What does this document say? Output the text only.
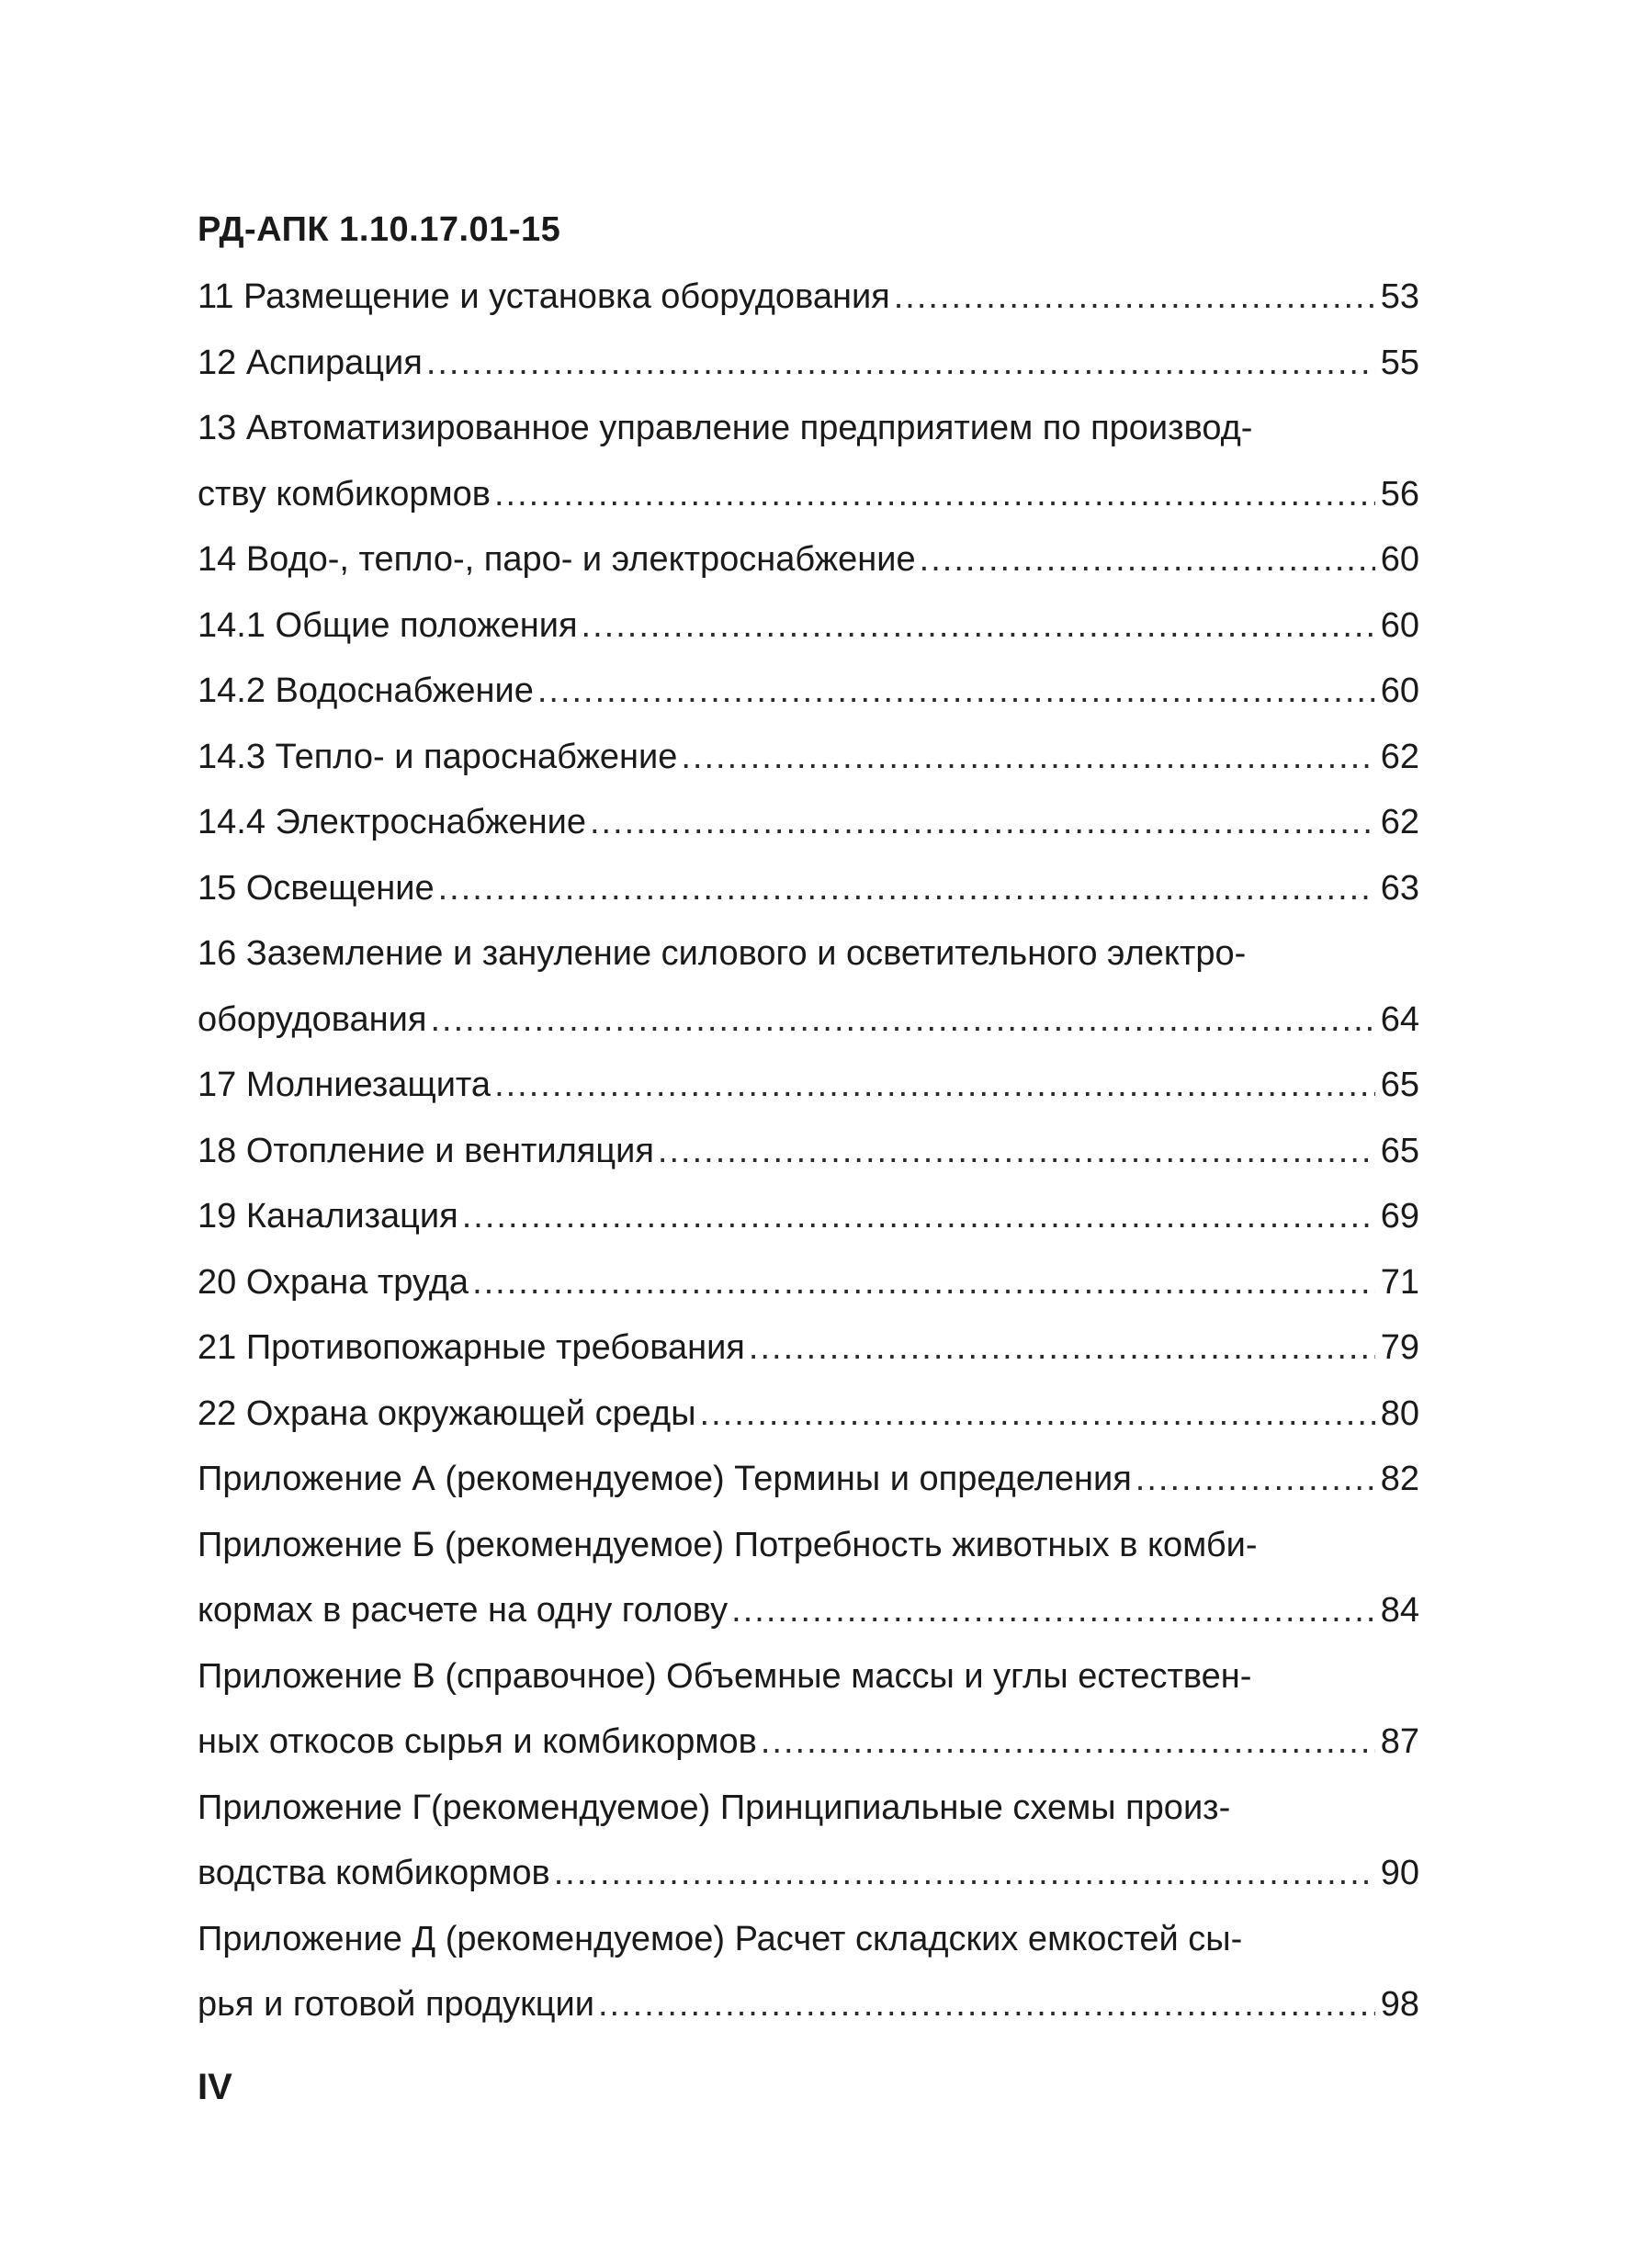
РД-АПК 1.10.17.01-15
11 Размещение и установка оборудования .....	53
12 Аспирация .....	55
13 Автоматизированное управление предприятием по производ-
ству комбикормов .....	56
14 Водо-, тепло-, паро- и электроснабжение .....	60
14.1 Общие положения .....	60
14.2 Водоснабжение .....	60
14.3 Тепло- и пароснабжение .....	62
14.4 Электроснабжение .....	62
15 Освещение .....	63
16 Заземление и зануление силового и осветительного электро-
оборудования .....	64
17 Молниезащита .....	65
18 Отопление и вентиляция .....	65
19 Канализация .....	69
20 Охрана труда .....	71
21 Противопожарные требования .....	79
22 Охрана окружающей среды .....	80
Приложение А (рекомендуемое) Термины и определения .....	82
Приложение Б (рекомендуемое) Потребность животных в комби-
кормах в расчете на одну голову .....	84
Приложение В (справочное) Объемные массы и углы естествен-
ных откосов сырья и комбикормов .....	87
Приложение Г(рекомендуемое) Принципиальные схемы произ-
водства комбикормов .....	90
Приложение Д (рекомендуемое) Расчет складских емкостей сы-
рья и готовой продукции .....	98
IV
